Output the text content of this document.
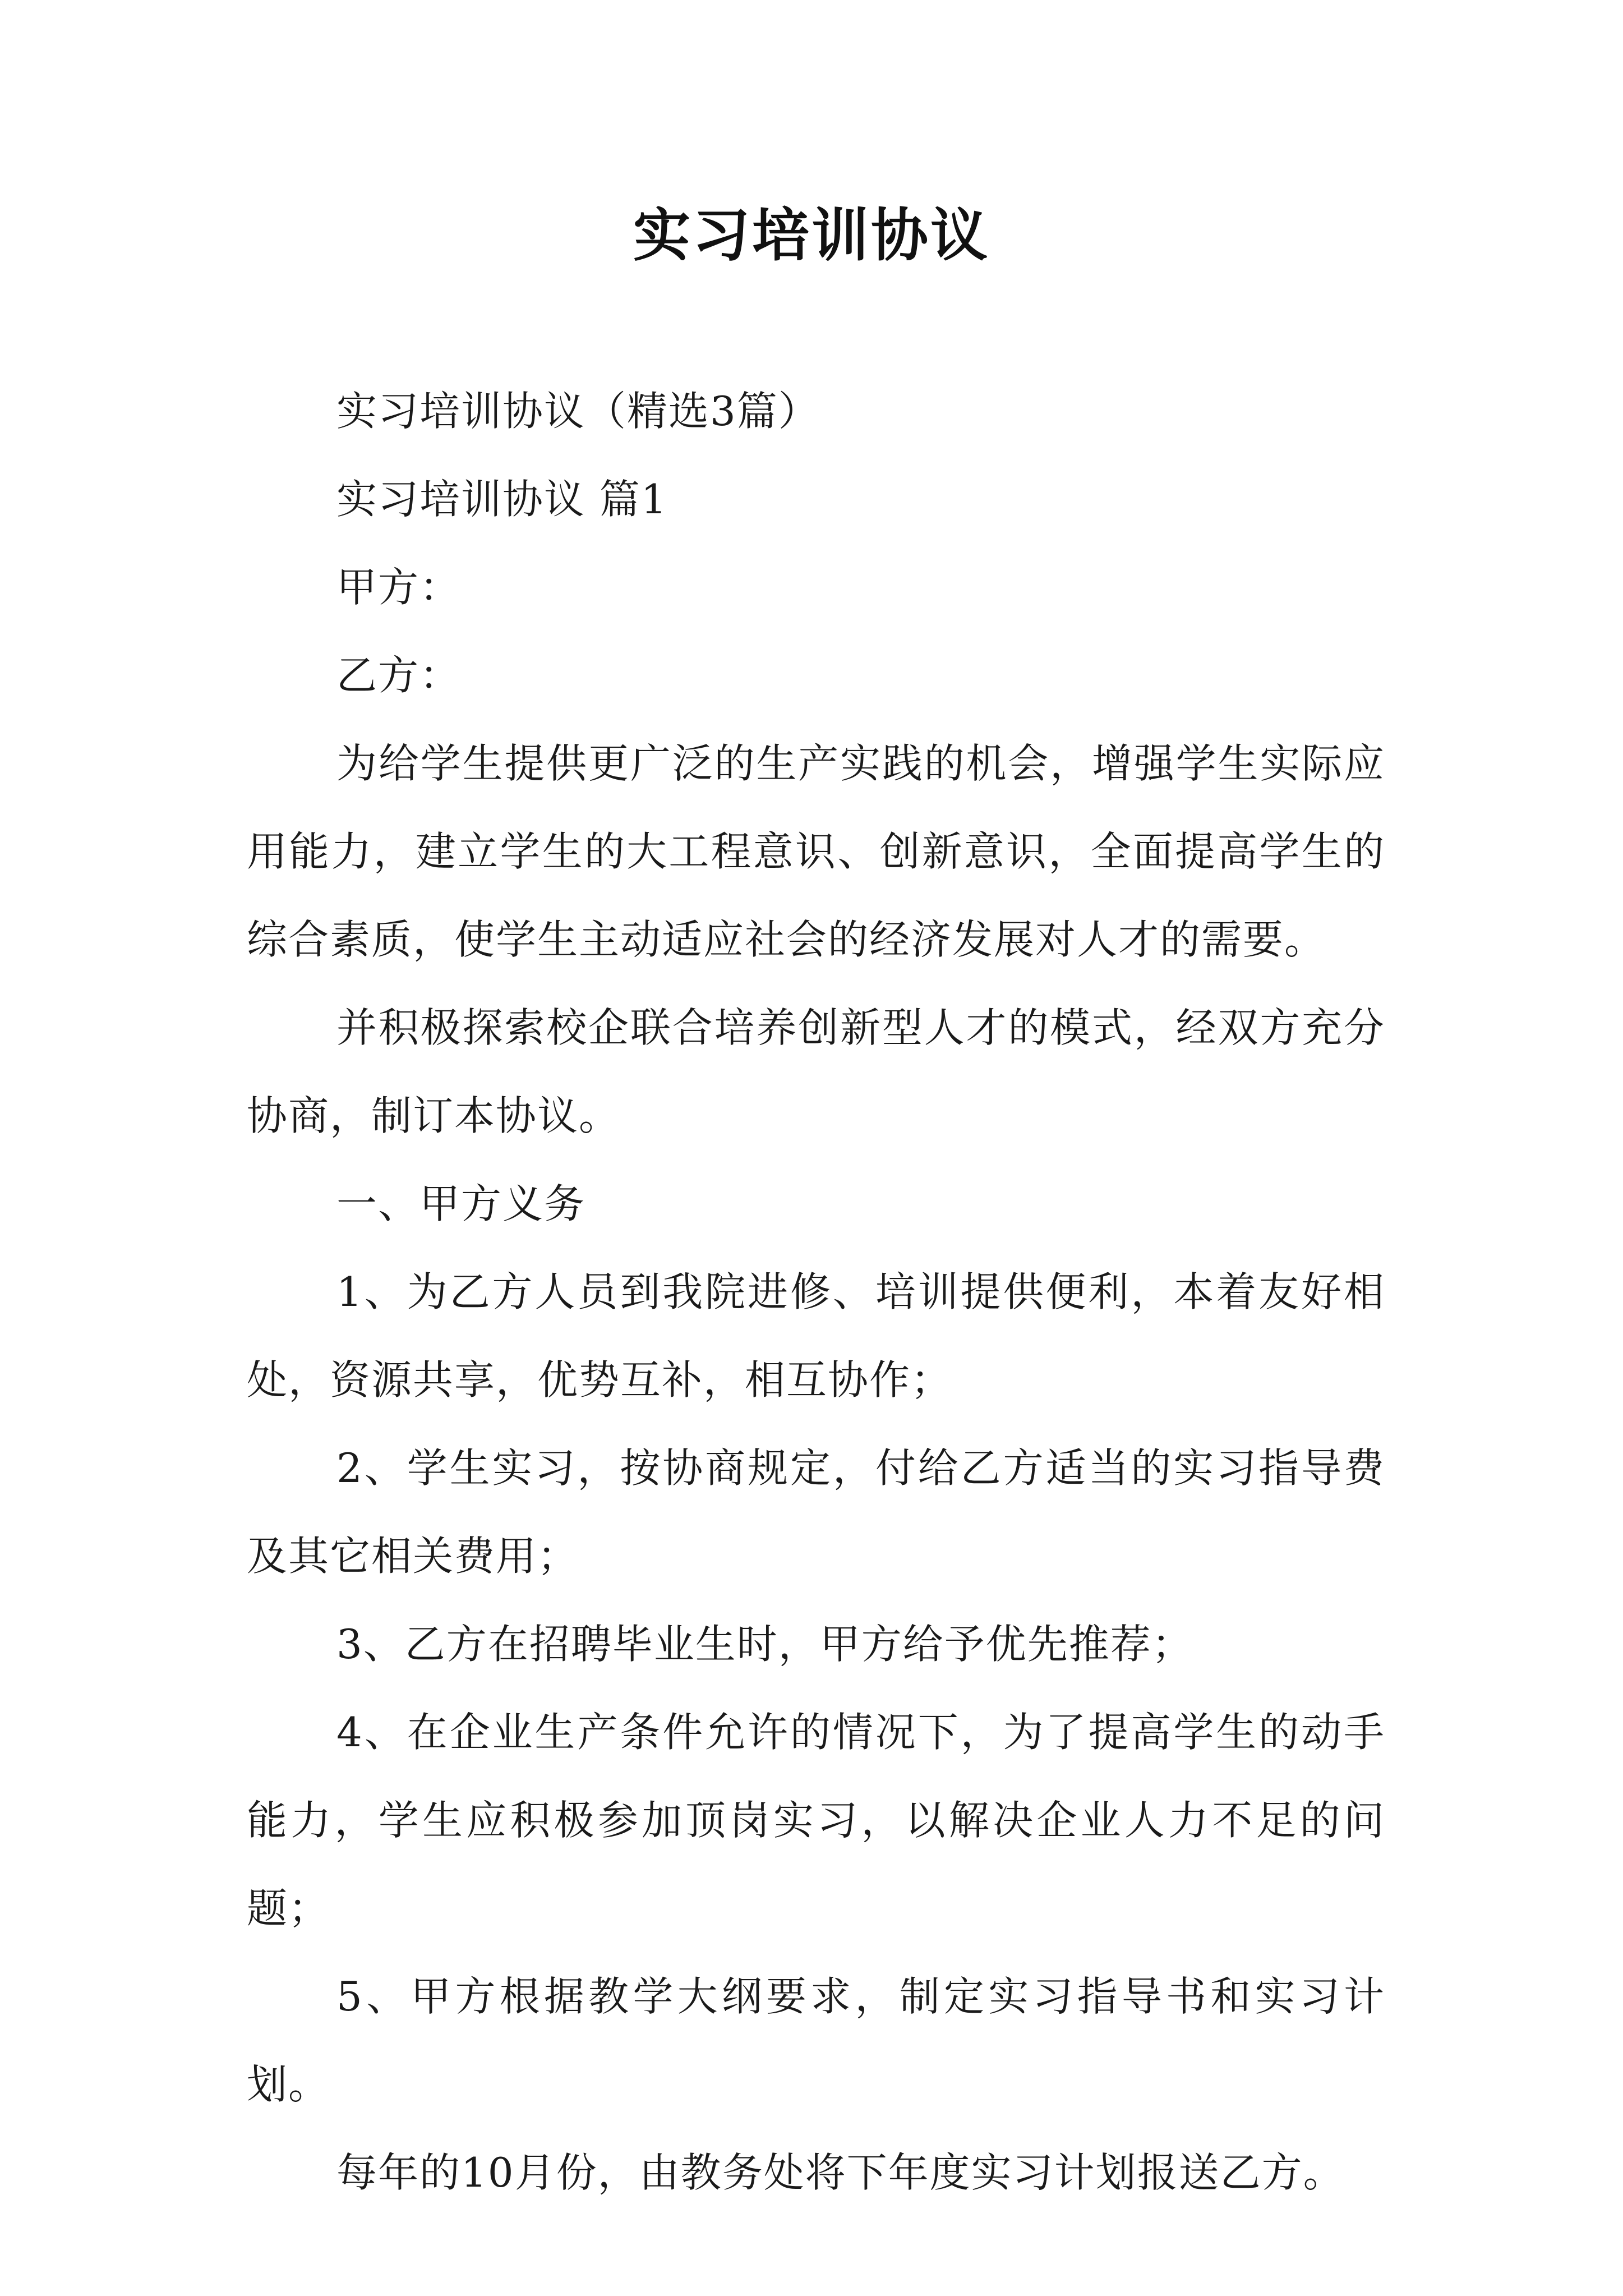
实习培训协议

实习培训协议（精选3篇）

实习培训协议 篇1

甲方：

乙方：

为给学生提供更广泛的生产实践的机会，增强学生实际应用能力，建立学生的大工程意识、创新意识，全面提高学生的综合素质，使学生主动适应社会的经济发展对人才的需要。

并积极探索校企联合培养创新型人才的模式，经双方充分协商，制订本协议。

一、甲方义务

1、为乙方人员到我院进修、培训提供便利，本着友好相处，资源共享，优势互补，相互协作；

2、学生实习，按协商规定，付给乙方适当的实习指导费及其它相关费用；

3、乙方在招聘毕业生时，甲方给予优先推荐；

4、在企业生产条件允许的情况下，为了提高学生的动手能力，学生应积极参加顶岗实习，以解决企业人力不足的问题；

5、甲方根据教学大纲要求，制定实习指导书和实习计划。

每年的10月份，由教务处将下年度实习计划报送乙方。
